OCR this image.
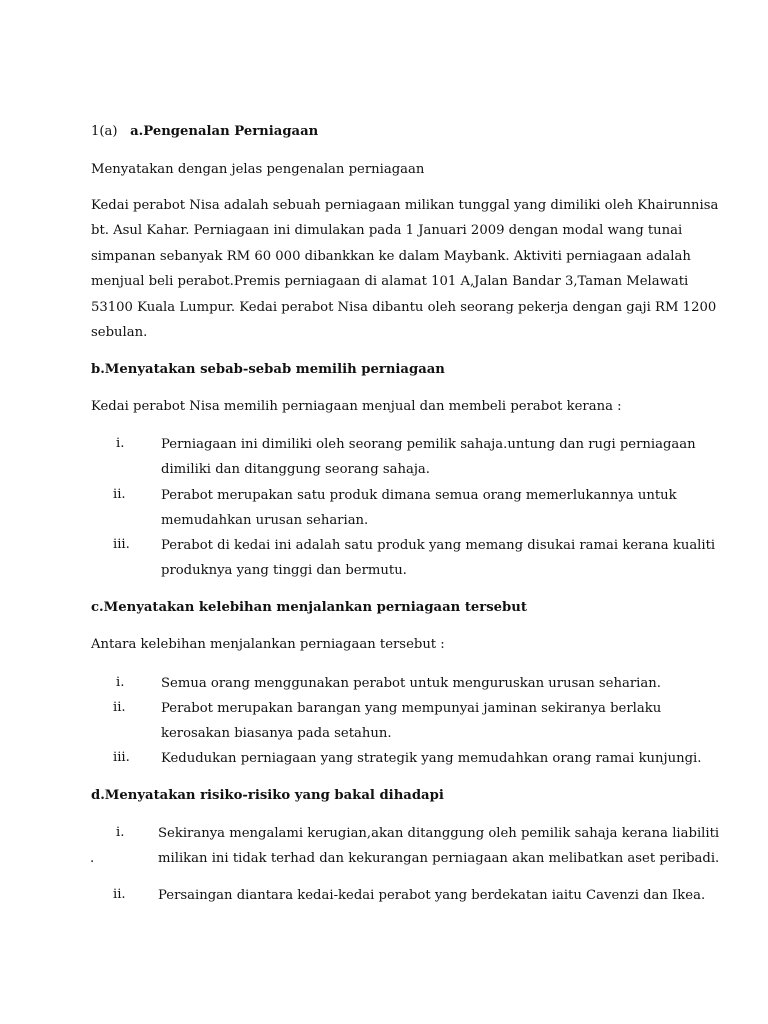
1(a) a.Pengenalan Perniagaan
Menyatakan dengan jelas pengenalan perniagaan
Kedai perabot Nisa adalah sebuah perniagaan milikan tunggal yang dimiliki oleh Khairunnisa
bt. Asul Kahar. Perniagaan ini dimulakan pada 1 Januari 2009 dengan modal wang tunai
simpanan sebanyak RM 60 000 dibankkan ke dalam Maybank. Aktiviti perniagaan adalah
menjual beli perabot.Premis perniagaan di alamat 101 A,Jalan Bandar 3,Taman Melawati
53100 Kuala Lumpur. Kedai perabot Nisa dibantu oleh seorang pekerja dengan gaji RM 1200
sebulan.
b.Menyatakan sebab-sebab memilih perniagaan
Kedai perabot Nisa memilih perniagaan menjual dan membeli perabot kerana :
i.	Perniagaan ini dimiliki oleh seorang pemilik sahaja.untung dan rugi perniagaan
dimiliki dan ditanggung seorang sahaja.
ii.	Perabot merupakan satu produk dimana semua orang memerlukannya untuk
memudahkan urusan seharian.
iii. Perabot di kedai ini adalah satu produk yang memang disukai ramai kerana kualiti
produknya yang tinggi dan bermutu.
c.Menyatakan kelebihan menjalankan perniagaan tersebut
Antara kelebihan menjalankan perniagaan tersebut :
i.	Semua orang menggunakan perabot untuk menguruskan urusan seharian.
ii.	Perabot merupakan barangan yang mempunyai jaminan sekiranya berlaku
kerosakan biasanya pada setahun.
iii. Kedudukan perniagaan yang strategik yang memudahkan orang ramai kunjungi.
d.Menyatakan risiko-risiko yang bakal dihadapi
i.
.
Sekiranya mengalami kerugian,akan ditanggung oleh pemilik sahaja kerana liabiliti
milikan ini tidak terhad dan kekurangan perniagaan akan melibatkan aset peribadi.
ii. Persaingan diantara kedai-kedai perabot yang berdekatan iaitu Cavenzi dan Ikea.
